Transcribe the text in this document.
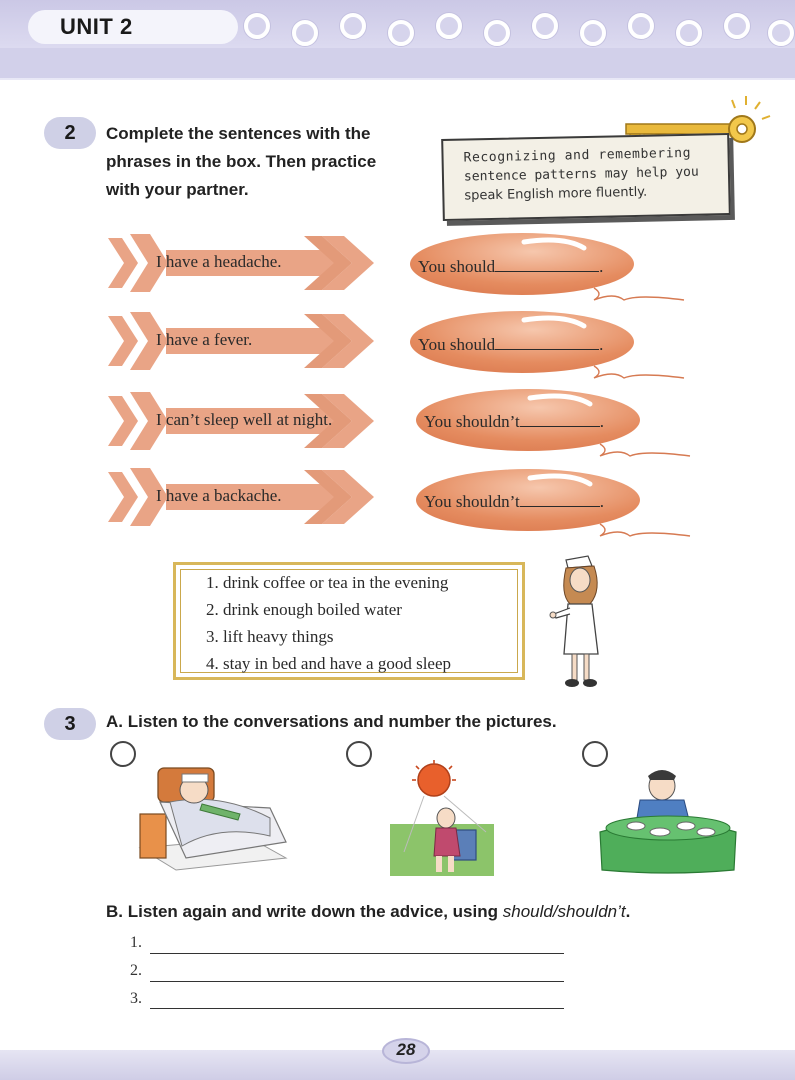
UNIT 2
2	Complete the sentences with the
phrases in the box. Then practice
with your partner.
Recognizing and remembering
sentence patterns may help you
speak English more fluently.
I have a headache.
I have a fever.
I can’t sleep well at night.
I have a backache.
You should	.
You should	.
You shouldn’t	.
You shouldn’t	.
1. drink coffee or tea in the evening
2. drink enough boiled water
3. lift heavy things
4. stay in bed and have a good sleep
3	A. Listen to the conversations and number the pictures.
B. Listen again and write down the advice, using should/shouldn’t.
1.
2.
3.
28
